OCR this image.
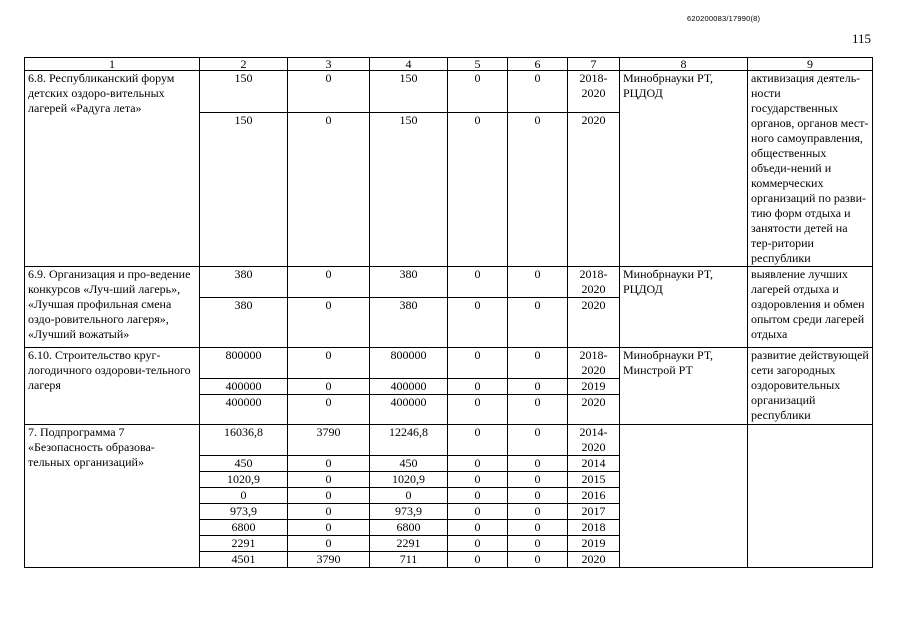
620200083/17990(8)
115
1	2	3	4	5	6	7	8	9
6.8. Республиканский форум детских оздоро-вительных лагерей «Радуга лета»	150	0	150	0	0	2018-2020	Минобрнауки РТ, РЦДОД	активизация деятель-ности государственных органов, органов мест-ного самоуправления, общественных объеди-нений и коммерческих организаций по разви-тию форм отдыха и занятости детей на тер-ритории республики
	150	0	150	0	0	2020		
6.9. Организация и про-ведение конкурсов «Луч-ший лагерь», «Лучшая профильная смена оздо-ровительного лагеря», «Лучший вожатый»	380	0	380	0	0	2018-2020	Минобрнауки РТ, РЦДОД	выявление лучших лагерей отдыха и оздоровления и обмен опытом среди лагерей отдыха
	380	0	380	0	0	2020		
6.10. Строительство круг-логодичного оздорови-тельного лагеря	800000	0	800000	0	0	2018-2020	Минобрнауки РТ, Минстрой РТ	развитие действующей сети загородных оздоровительных организаций республики
	400000	0	400000	0	0	2019		
	400000	0	400000	0	0	2020		
7. Подпрограмма 7 «Безопасность образова-тельных организаций»	16036,8	3790	12246,8	0	0	2014-2020		
	450	0	450	0	0	2014		
	1020,9	0	1020,9	0	0	2015		
	0	0	0	0	0	2016		
	973,9	0	973,9	0	0	2017		
	6800	0	6800	0	0	2018		
	2291	0	2291	0	0	2019		
	4501	3790	711	0	0	2020		
